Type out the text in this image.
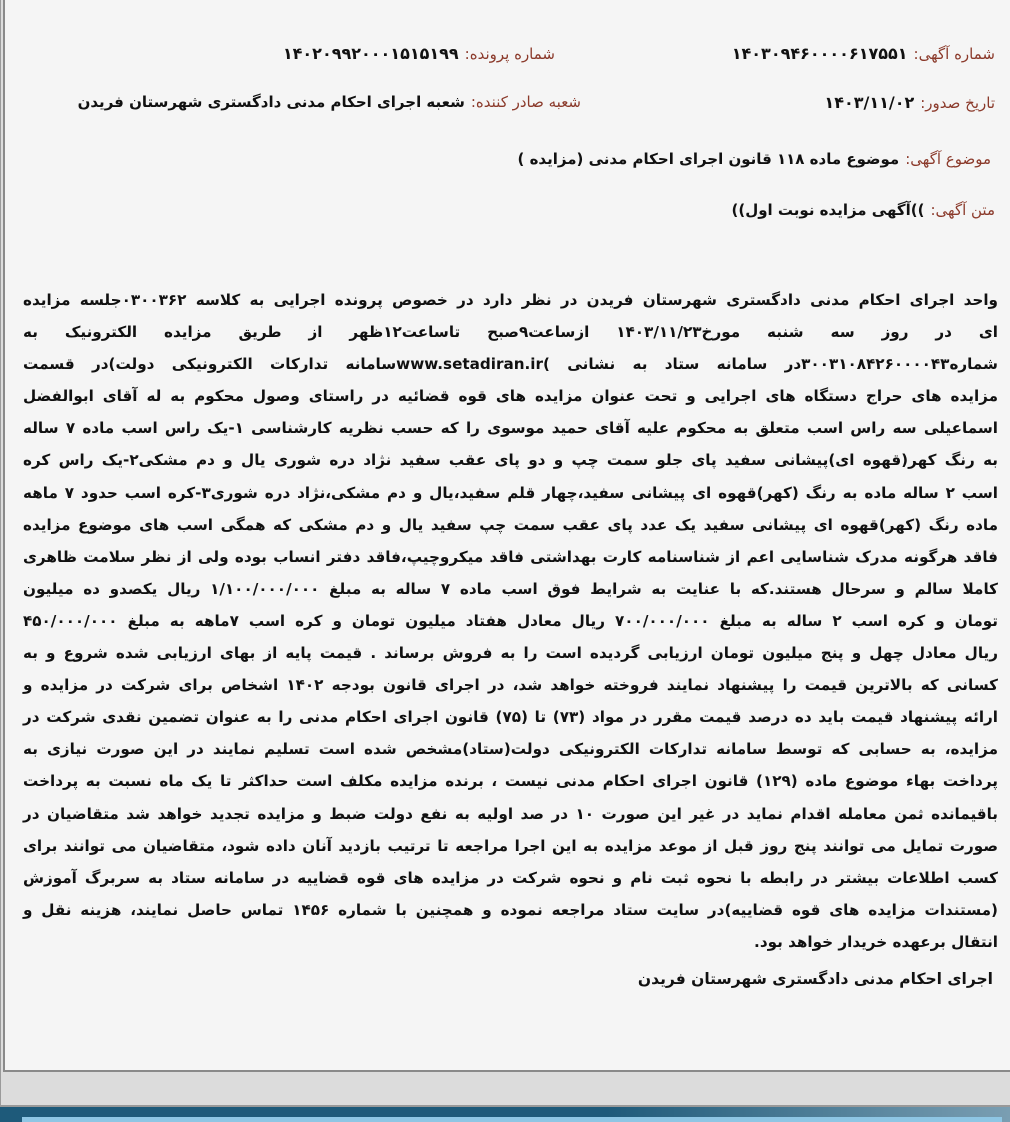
شماره آگهی:۱۴۰۳۰۹۴۶۰۰۰۰۶۱۷۵۵۱
شماره پرونده:۱۴۰۲۰۹۹۲۰۰۰۱۵۱۵۱۹۹
تاریخ صدور:۱۴۰۳/۱۱/۰۲
شعبه صادر کننده:شعبه اجرای احکام مدنی دادگستری شهرستان فریدن
موضوع آگهی:موضوع ماده ۱۱۸ قانون اجرای احکام مدنی (مزایده )
متن آگهی:))آگهی مزایده نوبت اول))
واحد اجرای احکام مدنی دادگستری شهرستان فریدن در نظر دارد در خصوص پرونده اجرایی به کلاسه ۰۳۰۰۳۶۲جلسه مزایده
ای در روز سه شنبه مورخ۱۴۰۳/۱۱/۲۳ ازساعت۹صبح تاساعت۱۲ظهر از طریق مزایده الکترونیک به
شماره۳۰۰۳۱۰۸۴۲۶۰۰۰۰۴۳در سامانه ستاد به نشانی )www.setadiran.irسامانه تدارکات الکترونیکی دولت)در قسمت
مزایده های حراج دستگاه های اجرایی و تحت عنوان مزایده های قوه قضائیه در راستای وصول محکوم به له آقای ابوالفضل
اسماعیلی سه راس اسب متعلق به محکوم علیه آقای حمید موسوی را که حسب نظریه کارشناسی ۱-یک راس اسب ماده ۷ ساله
به رنگ کهر(قهوه ای)پیشانی سفید پای جلو سمت چپ و دو پای عقب سفید نژاد دره شوری یال و دم مشکی۲-یک راس کره
اسب ۲ ساله ماده به رنگ (کهر)قهوه ای پیشانی سفید،چهار قلم سفید،یال و دم مشکی،نژاد دره شوری۳-کره اسب حدود ۷ ماهه
ماده رنگ (کهر)قهوه ای پیشانی سفید یک عدد پای عقب سمت چپ سفید یال و دم مشکی که همگی اسب های موضوع مزایده
فاقد هرگونه مدرک شناسایی اعم از شناسنامه کارت بهداشتی فاقد میکروچیپ،فاقد دفتر انساب بوده ولی از نظر سلامت ظاهری
کاملا سالم و سرحال هستند.که با عنایت به شرایط فوق اسب ماده ۷ ساله به مبلغ ۱/۱۰۰/۰۰۰/۰۰۰ ریال یکصدو ده میلیون
تومان و کره اسب ۲ ساله به مبلغ ۷۰۰/۰۰۰/۰۰۰ ریال معادل هفتاد میلیون تومان و کره اسب ۷ماهه به مبلغ ۴۵۰/۰۰۰/۰۰۰
ریال معادل چهل و پنج میلیون تومان ارزیابی گردیده است را به فروش برساند . قیمت پایه از بهای ارزیابی شده شروع و به
کسانی که بالاترین قیمت را پیشنهاد نمایند فروخته خواهد شد، در اجرای قانون بودجه ۱۴۰۲ اشخاص برای شرکت در مزایده و
ارائه پیشنهاد قیمت باید ده درصد قیمت مقرر در مواد (۷۳) تا (۷۵) قانون اجرای احکام مدنی را به عنوان تضمین نقدی شرکت در
مزایده، به حسابی که توسط سامانه تدارکات الکترونیکی دولت(ستاد)مشخص شده است تسلیم نمایند در این صورت نیازی به
پرداخت بهاء موضوع ماده (۱۲۹) قانون اجرای احکام مدنی نیست ، برنده مزایده مکلف است حداکثر تا یک ماه نسبت به پرداخت
باقیمانده ثمن معامله اقدام نماید در غیر این صورت ۱۰ در صد اولیه به نفع دولت ضبط و مزایده تجدید خواهد شد متقاضیان در
صورت تمایل می توانند پنج روز قبل از موعد مزایده به این اجرا مراجعه تا ترتیب بازدید آنان داده شود، متقاضیان می توانند برای
کسب اطلاعات بیشتر در رابطه با نحوه ثبت نام و نحوه شرکت در مزایده های قوه قضاییه در سامانه ستاد به سربرگ آموزش
(مستندات مزایده های قوه قضاییه)در سایت ستاد مراجعه نموده و همچنین با شماره ۱۴۵۶ تماس حاصل نمایند، هزینه نقل و
انتقال برعهده خریدار خواهد بود.
اجرای احکام مدنی دادگستری شهرستان فریدن
